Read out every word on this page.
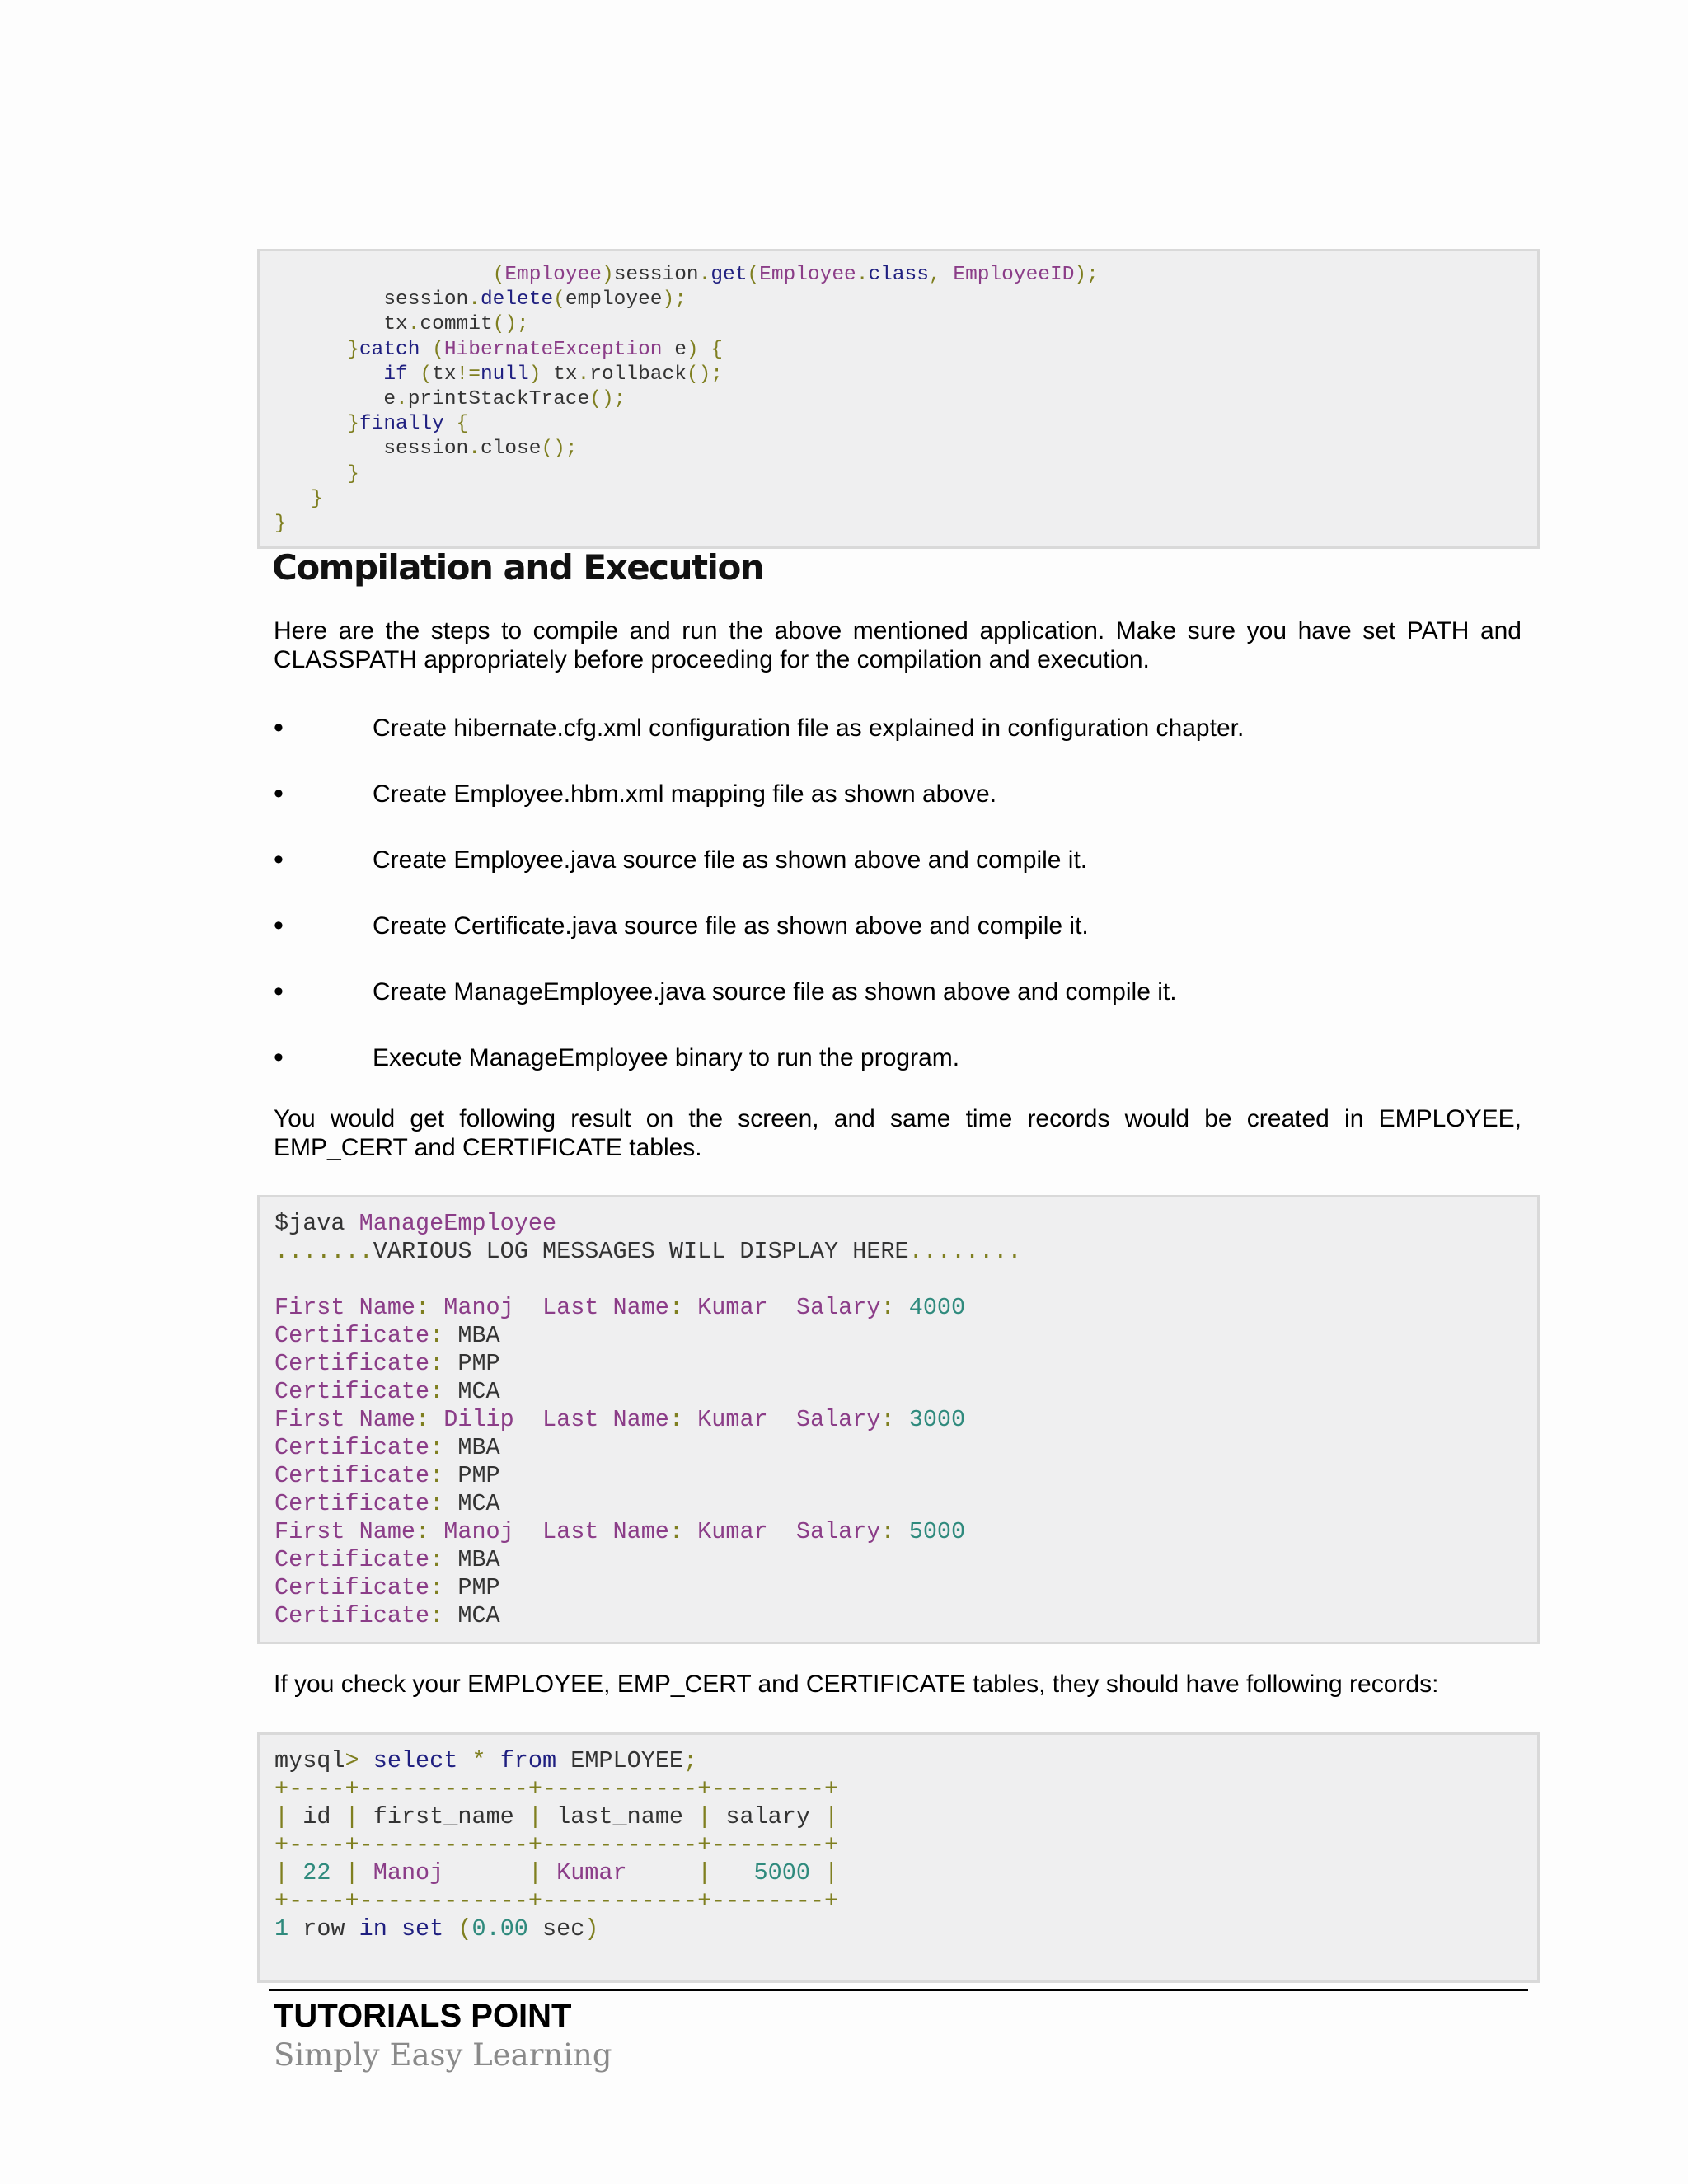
(Employee)session.get(Employee.class, EmployeeID);
session.delete(employee);
tx.commit();
}catch (HibernateException e) {
if (tx!=null) tx.rollback();
e.printStackTrace();
}finally {
session.close();
}
}
}
Compilation and Execution

Here are the steps to compile and run the above mentioned application. Make sure you have set PATH and CLASSPATH appropriately before proceeding for the compilation and execution.

•	Create hibernate.cfg.xml configuration file as explained in configuration chapter.
•	Create Employee.hbm.xml mapping file as shown above.
•	Create Employee.java source file as shown above and compile it.
•	Create Certificate.java source file as shown above and compile it.
•	Create ManageEmployee.java source file as shown above and compile it.
•	Execute ManageEmployee binary to run the program.

You would get following result on the screen, and same time records would be created in EMPLOYEE, EMP_CERT and CERTIFICATE tables.

$java ManageEmployee
.......VARIOUS LOG MESSAGES WILL DISPLAY HERE........

First Name: Manoj Last Name: Kumar Salary: 4000
Certificate: MBA
Certificate: PMP
Certificate: MCA
First Name: Dilip Last Name: Kumar Salary: 3000
Certificate: MBA
Certificate: PMP
Certificate: MCA
First Name: Manoj Last Name: Kumar Salary: 5000
Certificate: MBA
Certificate: PMP
Certificate: MCA

If you check your EMPLOYEE, EMP_CERT and CERTIFICATE tables, they should have following records:

mysql> select * from EMPLOYEE;
+----+------------+-----------+--------+
| id | first_name | last_name | salary |
+----+------------+-----------+--------+
| 22 | Manoj      | Kumar     |   5000 |
+----+------------+-----------+--------+
1 row in set (0.00 sec)

TUTORIALS POINT

Simply Easy Learning
